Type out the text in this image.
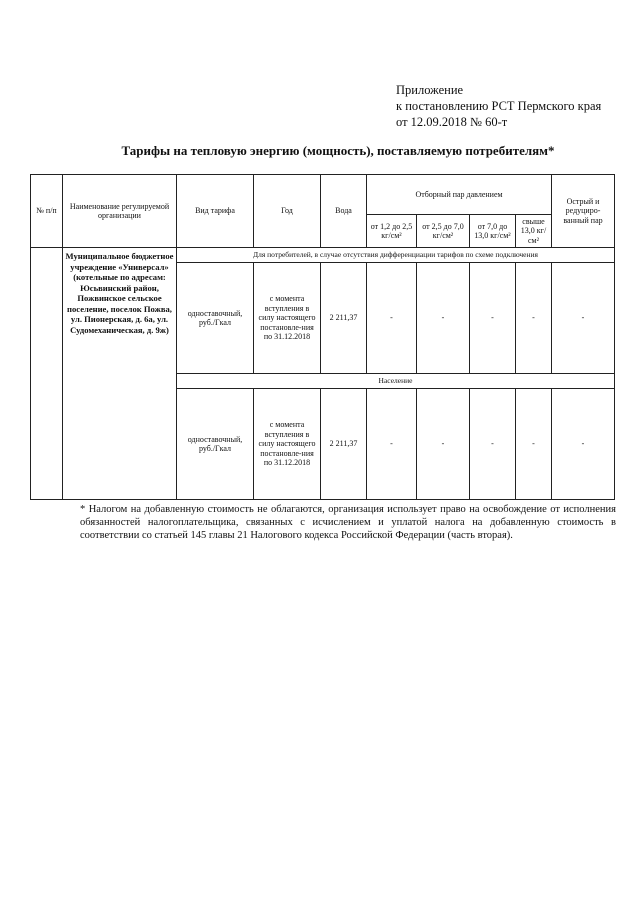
Приложение
к постановлению РСТ Пермского края
от 12.09.2018 № 60-т
Тарифы на тепловую энергию (мощность), поставляемую потребителям*
№ п/п	Наименование регулируемой организации	Вид тарифа	Год	Вода	Отборный пар давлением				Острый и редуциро-ванный пар
					от 1,2 до 2,5 кг/см²	от 2,5 до 7,0 кг/см²	от 7,0 до 13,0 кг/см²	свыше 13,0 кг/см²	
	Муниципальное бюджетное учреждение «Универсал» (котельные по адресам: Юсьвинский район, Пожвинское сельское поселение, поселок Пожва, ул. Пионерская, д. 6а, ул. Судомеханическая, д. 9ж)	Для потребителей, в случае отсутствия дифференциации тарифов по схеме подключения							
		одноставочный, руб./Гкал	с момента вступления в силу настоящего постановле-ния по 31.12.2018	2 211,37	-	-	-	-	-
		Население							
		одноставочный, руб./Гкал	с момента вступления в силу настоящего постановле-ния по 31.12.2018	2 211,37	-	-	-	-	-
* Налогом на добавленную стоимость не облагаются, организация использует право на освобождение от исполнения обязанностей налогоплательщика, связанных с исчислением и уплатой налога на добавленную стоимость в соответствии со статьей 145 главы 21 Налогового кодекса Российской Федерации (часть вторая).
